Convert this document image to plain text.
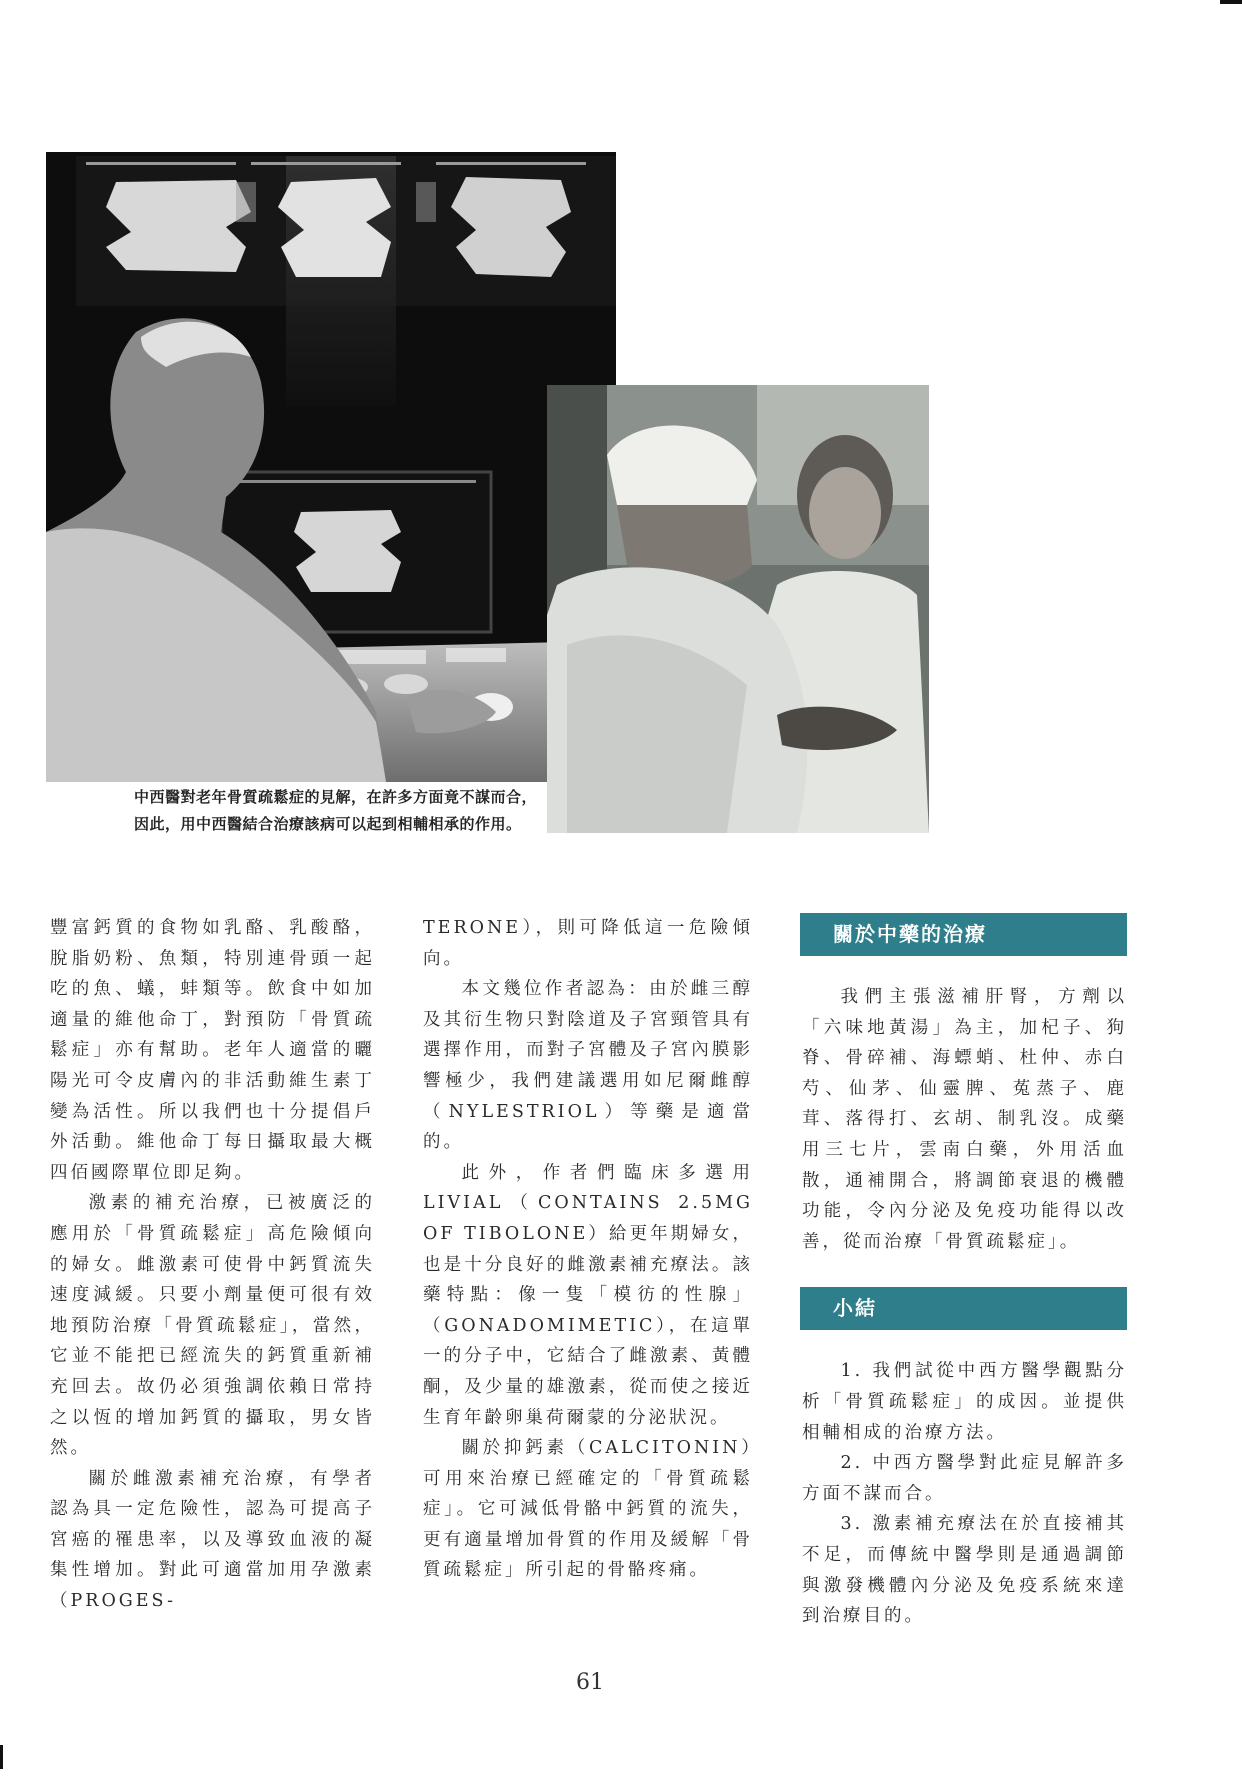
中西醫對老年骨質疏鬆症的見解，在許多方面竟不謀而合，因此，用中西醫結合治療該病可以起到相輔相承的作用。

豐富鈣質的食物如乳酪、乳酸酪，脫脂奶粉、魚類，特別連骨頭一起吃的魚、蟻，蚌類等。飲食中如加適量的維他命丁，對預防「骨質疏鬆症」亦有幫助。老年人適當的曬陽光可令皮膚內的非活動維生素丁變為活性。所以我們也十分提倡戶外活動。維他命丁每日攝取最大概四佰國際單位即足夠。

激素的補充治療，已被廣泛的應用於「骨質疏鬆症」高危險傾向的婦女。雌激素可使骨中鈣質流失速度減緩。只要小劑量便可很有效地預防治療「骨質疏鬆症」，當然，它並不能把已經流失的鈣質重新補充回去。故仍必須強調依賴日常持之以恆的增加鈣質的攝取，男女皆然。

關於雌激素補充治療，有學者認為具一定危險性，認為可提高子宮癌的罹患率，以及導致血液的凝集性增加。對此可適當加用孕激素（PROGES-

TERONE），則可降低這一危險傾向。

本文幾位作者認為：由於雌三醇及其衍生物只對陰道及子宮頸管具有選擇作用，而對子宮體及子宮內膜影響極少，我們建議選用如尼爾雌醇（NYLESTRIOL）等藥是適當的。

此外，作者們臨床多選用LIVIAL（CONTAINS 2.5MG OF TIBOLONE）給更年期婦女，也是十分良好的雌激素補充療法。該藥特點：像一隻「模彷的性腺」（GONADOMIMETIC），在這單一的分子中，它結合了雌激素、黃體酮，及少量的雄激素，從而使之接近生育年齡卵巢荷爾蒙的分泌狀況。

關於抑鈣素（CALCITONIN）可用來治療已經確定的「骨質疏鬆症」。它可減低骨骼中鈣質的流失，更有適量增加骨質的作用及緩解「骨質疏鬆症」所引起的骨骼疼痛。

關於中藥的治療

我們主張滋補肝腎，方劑以「六味地黃湯」為主，加杞子、狗脊、骨碎補、海螵蛸、杜仲、赤白芍、仙茅、仙靈脾、菟蒸子、鹿茸、落得打、玄胡、制乳沒。成藥用三七片，雲南白藥，外用活血散，通補開合，將調節衰退的機體功能，令內分泌及免疫功能得以改善，從而治療「骨質疏鬆症」。

小結

1. 我們試從中西方醫學觀點分析「骨質疏鬆症」的成因。並提供相輔相成的治療方法。

2. 中西方醫學對此症見解許多方面不謀而合。

3. 激素補充療法在於直接補其不足，而傳統中醫學則是通過調節與激發機體內分泌及免疫系統來達到治療目的。

61
